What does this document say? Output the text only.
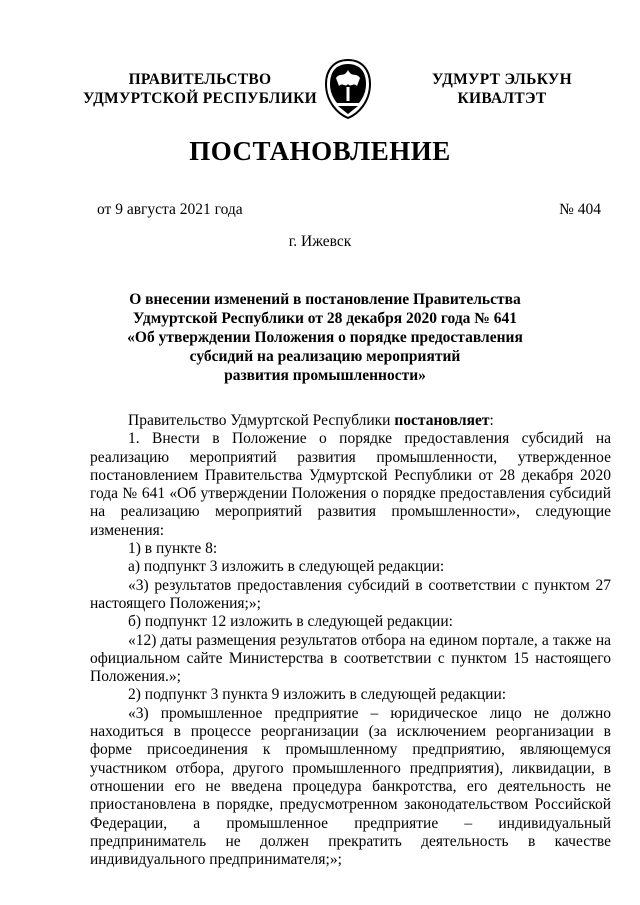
ПРАВИТЕЛЬСТВО
УДМУРТСКОЙ РЕСПУБЛИКИ
УДМУРТ ЭЛЬКУН
КИВАЛТЭТ
ПОСТАНОВЛЕНИЕ
от 9 августа 2021 года	№ 404
г. Ижевск
О внесении изменений в постановление Правительства
Удмуртской Республики от 28 декабря 2020 года № 641
«Об утверждении Положения о порядке предоставления
субсидий на реализацию мероприятий
развития промышленности»

Правительство Удмуртской Республики постановляет:

1. Внести в Положение о порядке предоставления субсидий на реализацию мероприятий развития промышленности, утвержденное постановлением Правительства Удмуртской Республики от 28 декабря 2020 года № 641 «Об утверждении Положения о порядке предоставления субсидий на реализацию мероприятий развития промышленности», следующие изменения:

1) в пункте 8:

а) подпункт 3 изложить в следующей редакции:

«3) результатов предоставления субсидий в соответствии с пунктом 27 настоящего Положения;»;

б) подпункт 12 изложить в следующей редакции:

«12) даты размещения результатов отбора на едином портале, а также на официальном сайте Министерства в соответствии с пунктом 15 настоящего Положения.»;

2) подпункт 3 пункта 9 изложить в следующей редакции:

«3) промышленное предприятие – юридическое лицо не должно находиться в процессе реорганизации (за исключением реорганизации в форме присоединения к промышленному предприятию, являющемуся участником отбора, другого промышленного предприятия), ликвидации, в отношении его не введена процедура банкротства, его деятельность не приостановлена в порядке, предусмотренном законодательством Российской Федерации, а промышленное предприятие – индивидуальный предприниматель не должен прекратить деятельность в качестве индивидуального предпринимателя;»;
